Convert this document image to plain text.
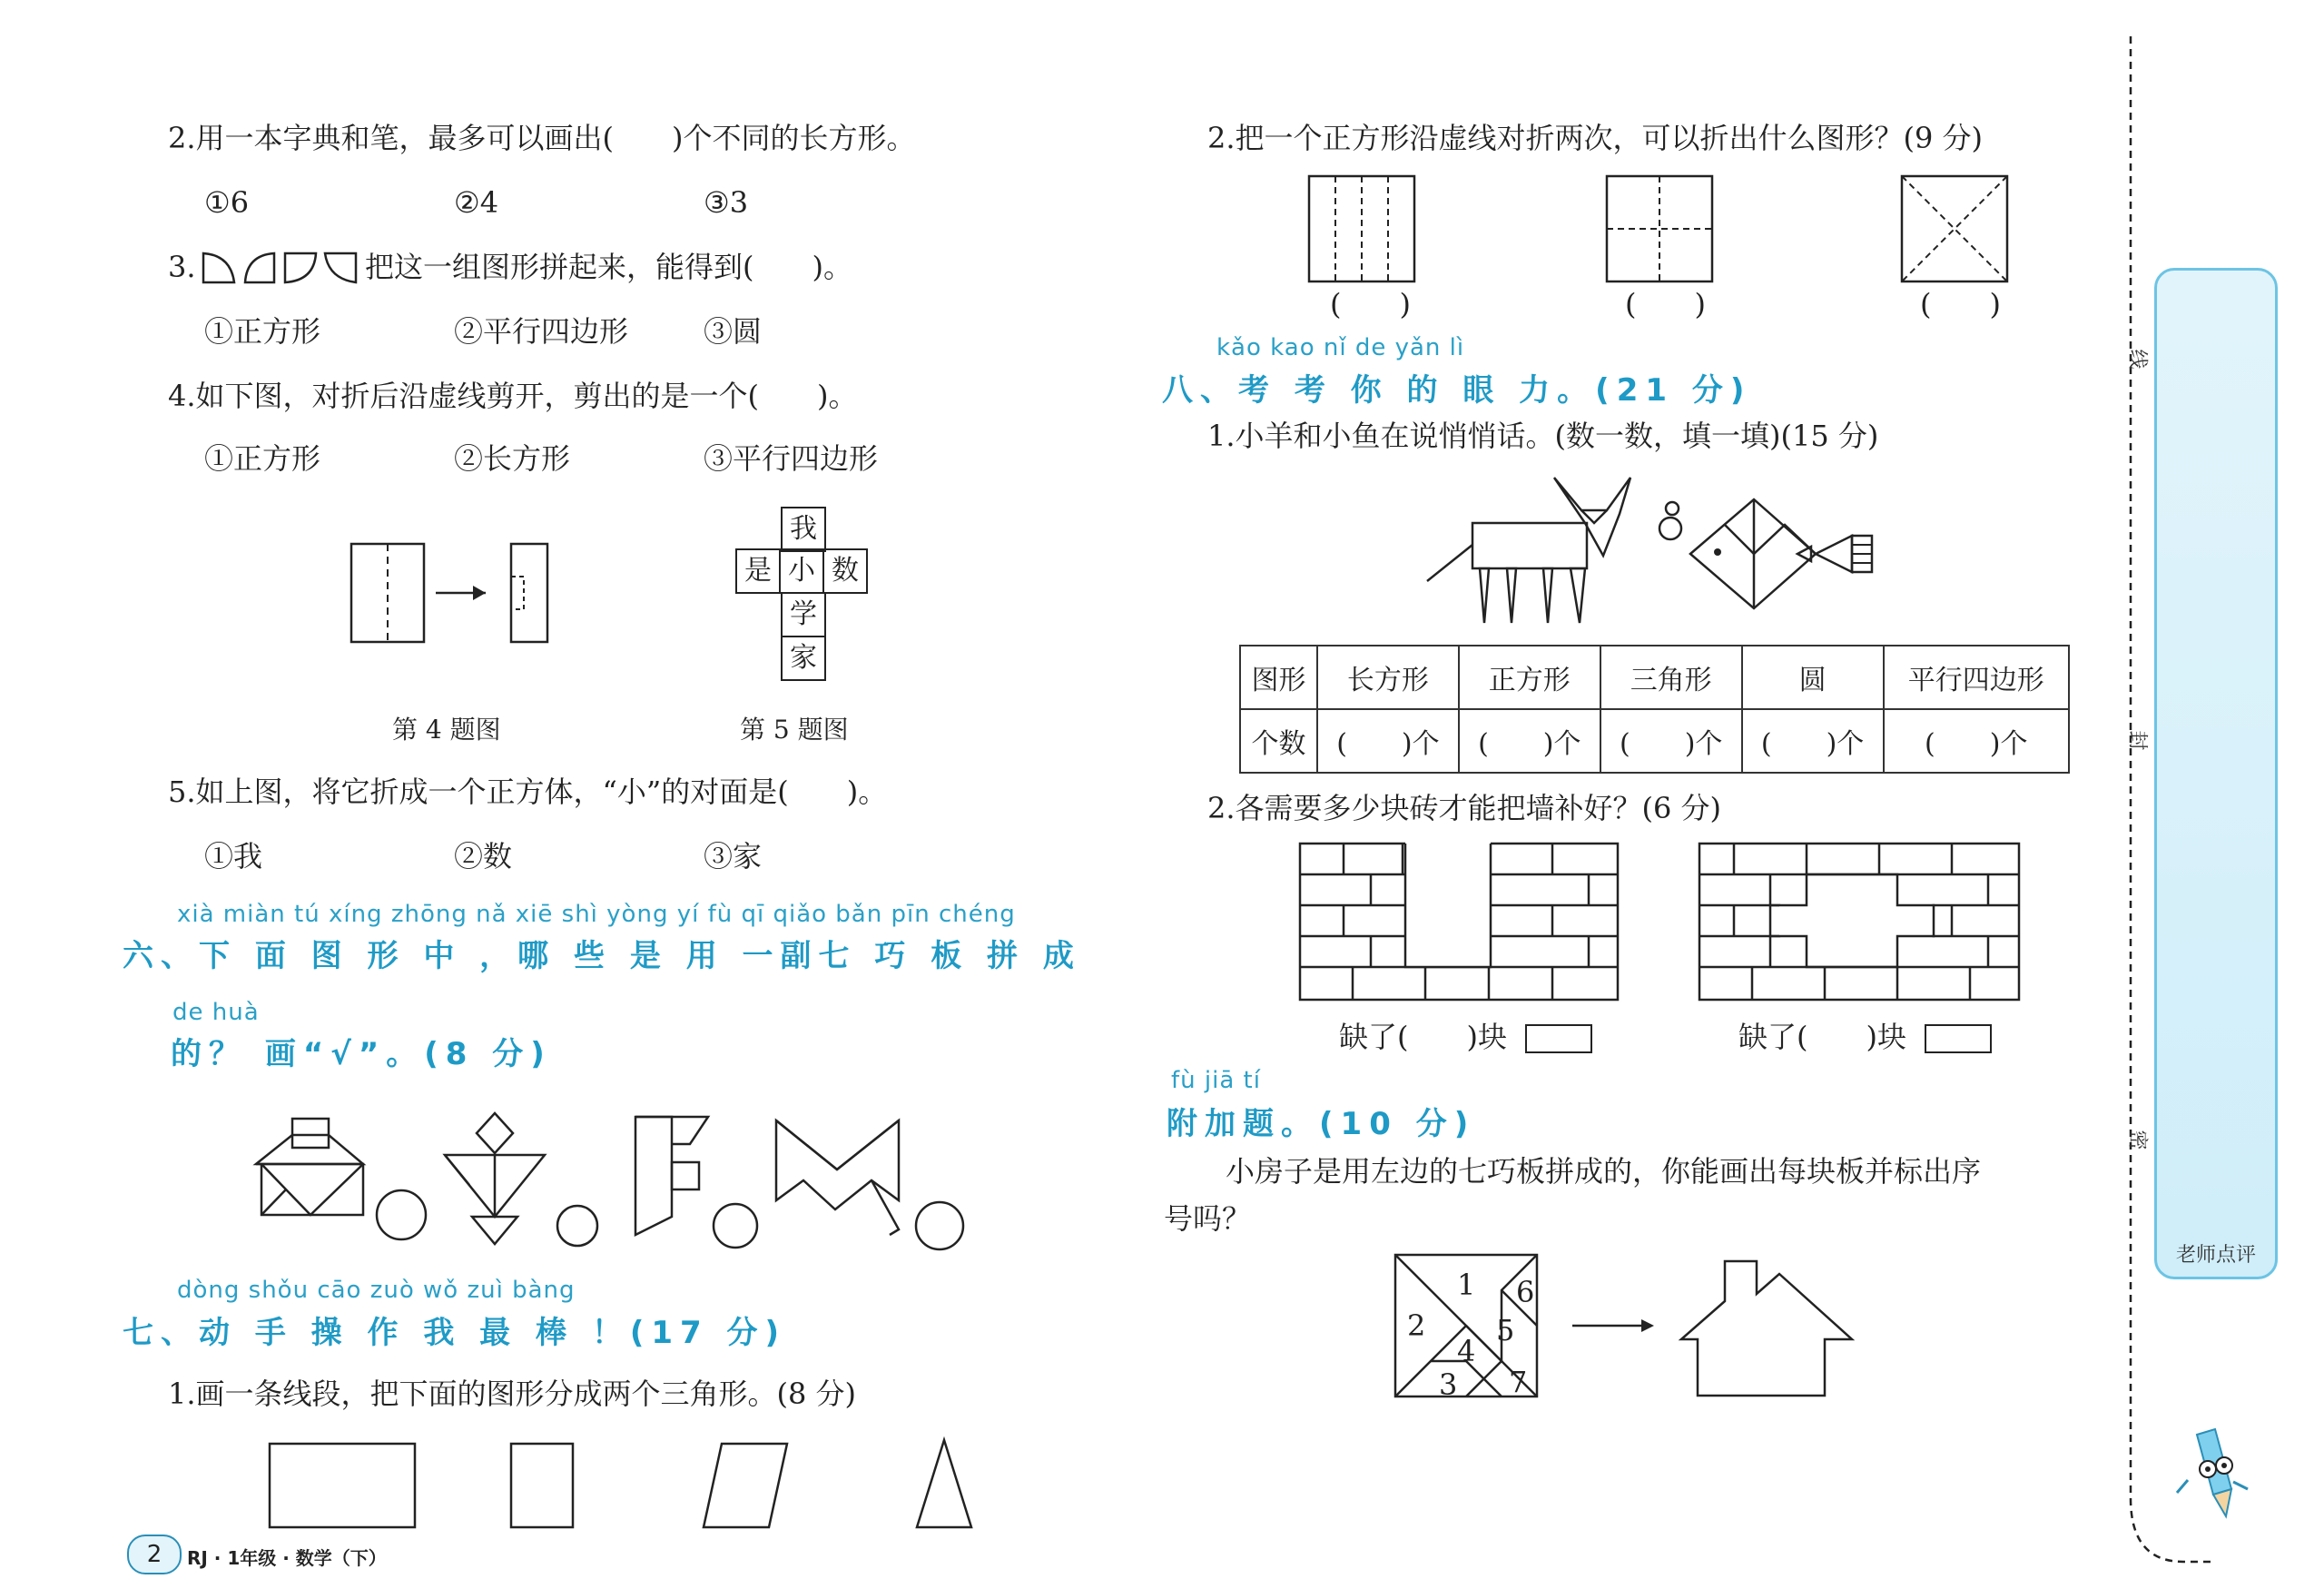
2.用一本字典和笔，最多可以画出(　　)个不同的长方形。
①6	②4	③3
3.	把这一组图形拼起来，能得到(　　)。
①正方形	②平行四边形	③圆
4.如下图，对折后沿虚线剪开，剪出的是一个(　　)。
①正方形	②长方形	③平行四边形
我
是 小 数
学
家
第 4 题图	第 5 题图
5.如上图，将它折成一个正方体，“小”的对面是(　　)。
①我	②数	③家
xià miàn tú xíng zhōng nǎ xiē shì yòng yí fù qī qiǎo bǎn pīn chéng
六、下 面 图 形 中 ，哪 些 是 用 一副七 巧 板 拼 成
de huà
的？ 画“√”。(8 分)
dòng shǒu cāo zuò wǒ zuì bàng
七、动 手 操 作 我 最 棒 ！(17 分)
1.画一条线段，把下面的图形分成两个三角形。(8 分)
2	RJ · 1年级 · 数学（下）
2.把一个正方形沿虚线对折两次，可以折出什么图形？(9 分)
(　　)	(　　)	(　　)
kǎo kao nǐ de yǎn lì
八、考 考 你 的 眼 力。(21 分)
1.小羊和小鱼在说悄悄话。(数一数，填一填)(15 分)
图形	长方形	正方形	三角形	圆	平行四边形
个数	(　　)个	(　　)个	(　　)个	(　　)个	(　　)个
2.各需要多少块砖才能把墙补好？(6 分)
缺了(　　)块	缺了(　　)块
fù jiā tí
附加题。(10 分)
小房子是用左边的七巧板拼成的，你能画出每块板并标出序
号吗？
1
2
3
4
5
6
7
线
封
密
老师点评
